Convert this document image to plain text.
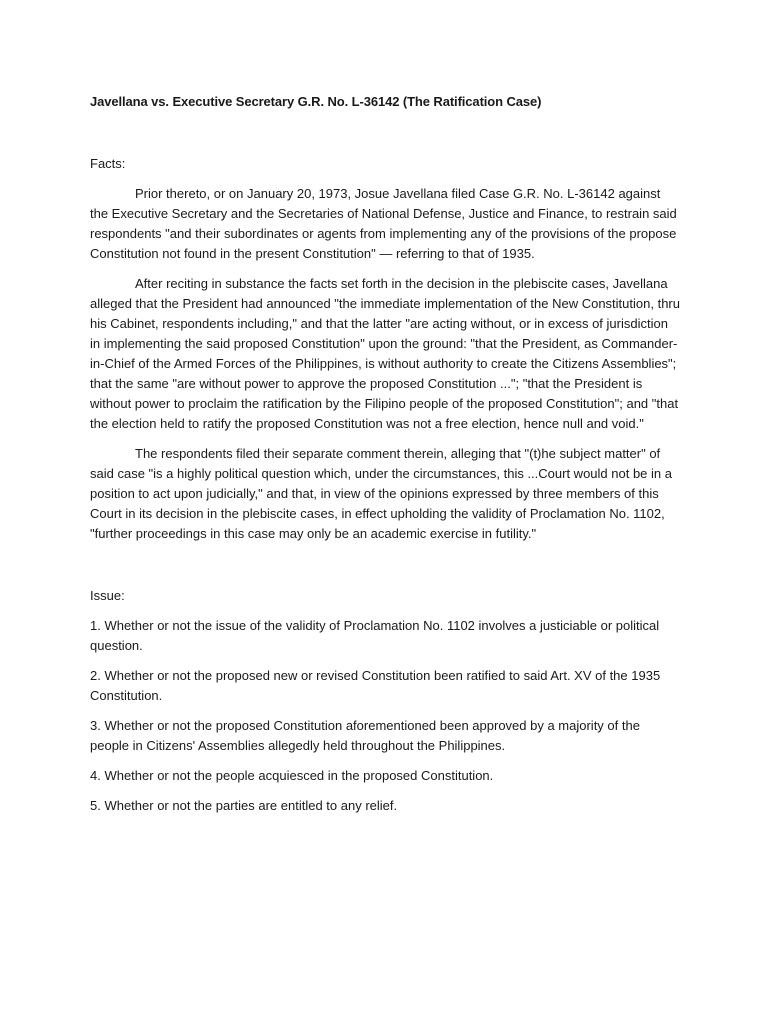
Javellana vs. Executive Secretary G.R. No. L-36142 (The Ratification Case)
Facts:

Prior thereto, or on January 20, 1973, Josue Javellana filed Case G.R. No. L-36142 against the Executive Secretary and the Secretaries of National Defense, Justice and Finance, to restrain said respondents "and their subordinates or agents from implementing any of the provisions of the propose Constitution not found in the present Constitution" — referring to that of 1935.

After reciting in substance the facts set forth in the decision in the plebiscite cases, Javellana alleged that the President had announced "the immediate implementation of the New Constitution, thru his Cabinet, respondents including," and that the latter "are acting without, or in excess of jurisdiction in implementing the said proposed Constitution" upon the ground: "that the President, as Commander-in-Chief of the Armed Forces of the Philippines, is without authority to create the Citizens Assemblies"; that the same "are without power to approve the proposed Constitution ..."; "that the President is without power to proclaim the ratification by the Filipino people of the proposed Constitution"; and "that the election held to ratify the proposed Constitution was not a free election, hence null and void."

The respondents filed their separate comment therein, alleging that "(t)he subject matter" of said case "is a highly political question which, under the circumstances, this ...Court would not be in a position to act upon judicially," and that, in view of the opinions expressed by three members of this Court in its decision in the plebiscite cases, in effect upholding the validity of Proclamation No. 1102, "further proceedings in this case may only be an academic exercise in futility."

Issue:

1. Whether or not the issue of the validity of Proclamation No. 1102 involves a justiciable or political question.

2. Whether or not the proposed new or revised Constitution been ratified to said Art. XV of the 1935 Constitution.

3. Whether or not the proposed Constitution aforementioned been approved by a majority of the people in Citizens' Assemblies allegedly held throughout the Philippines.

4. Whether or not the people acquiesced in the proposed Constitution.

5. Whether or not the parties are entitled to any relief.
